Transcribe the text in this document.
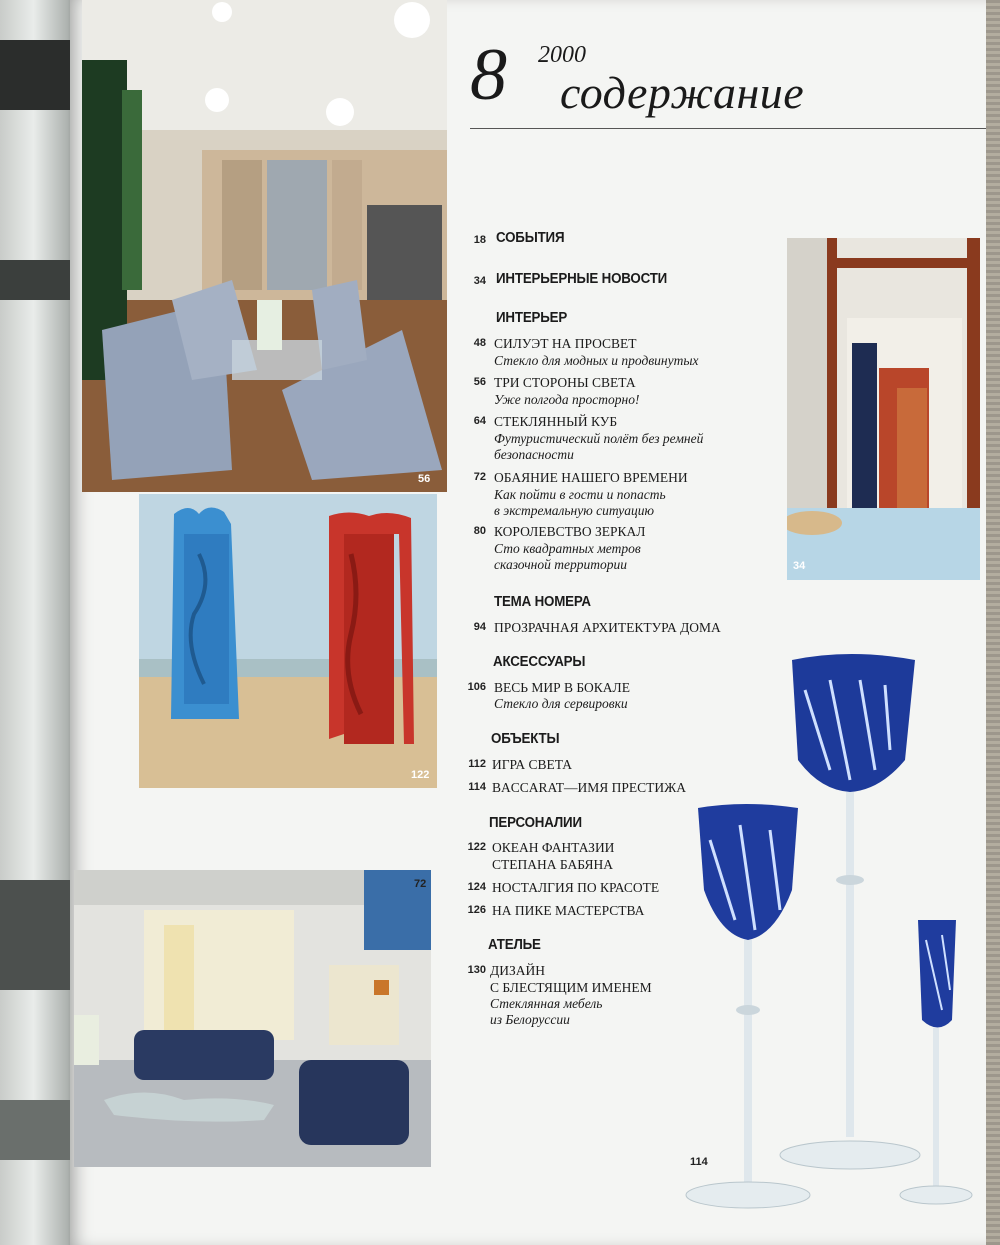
56
34
122
72
114
8 2000
содержание
18 СОБЫТИЯ
34 ИНТЕРЬЕРНЫЕ НОВОСТИ
ИНТЕРЬЕР
48 СИЛУЭТ НА ПРОСВЕТ
Стекло для модных и продвинутых
56 ТРИ СТОРОНЫ СВЕТА
Уже полгода просторно!
64 СТЕКЛЯННЫЙ КУБ
Футуристический полёт без ремней
безопасности
72 ОБАЯНИЕ НАШЕГО ВРЕМЕНИ
Как пойти в гости и попасть
в экстремальную ситуацию
80 КОРОЛЕВСТВО ЗЕРКАЛ
Сто квадратных метров
сказочной территории
ТЕМА НОМЕРА
94 ПРОЗРАЧНАЯ АРХИТЕКТУРА ДОМА
АКСЕССУАРЫ
106 ВЕСЬ МИР В БОКАЛЕ
Стекло для сервировки
ОБЪЕКТЫ
112 ИГРА СВЕТА
114 BACCARAT—ИМЯ ПРЕСТИЖА
ПЕРСОНАЛИИ
122 ОКЕАН ФАНТАЗИИ
СТЕПАНА БАБЯНА
124 НОСТАЛГИЯ ПО КРАСОТЕ
126 НА ПИКЕ МАСТЕРСТВА
АТЕЛЬЕ
130 ДИЗАЙН
С БЛЕСТЯЩИМ ИМЕНЕМ
Стеклянная мебель
из Белоруссии
